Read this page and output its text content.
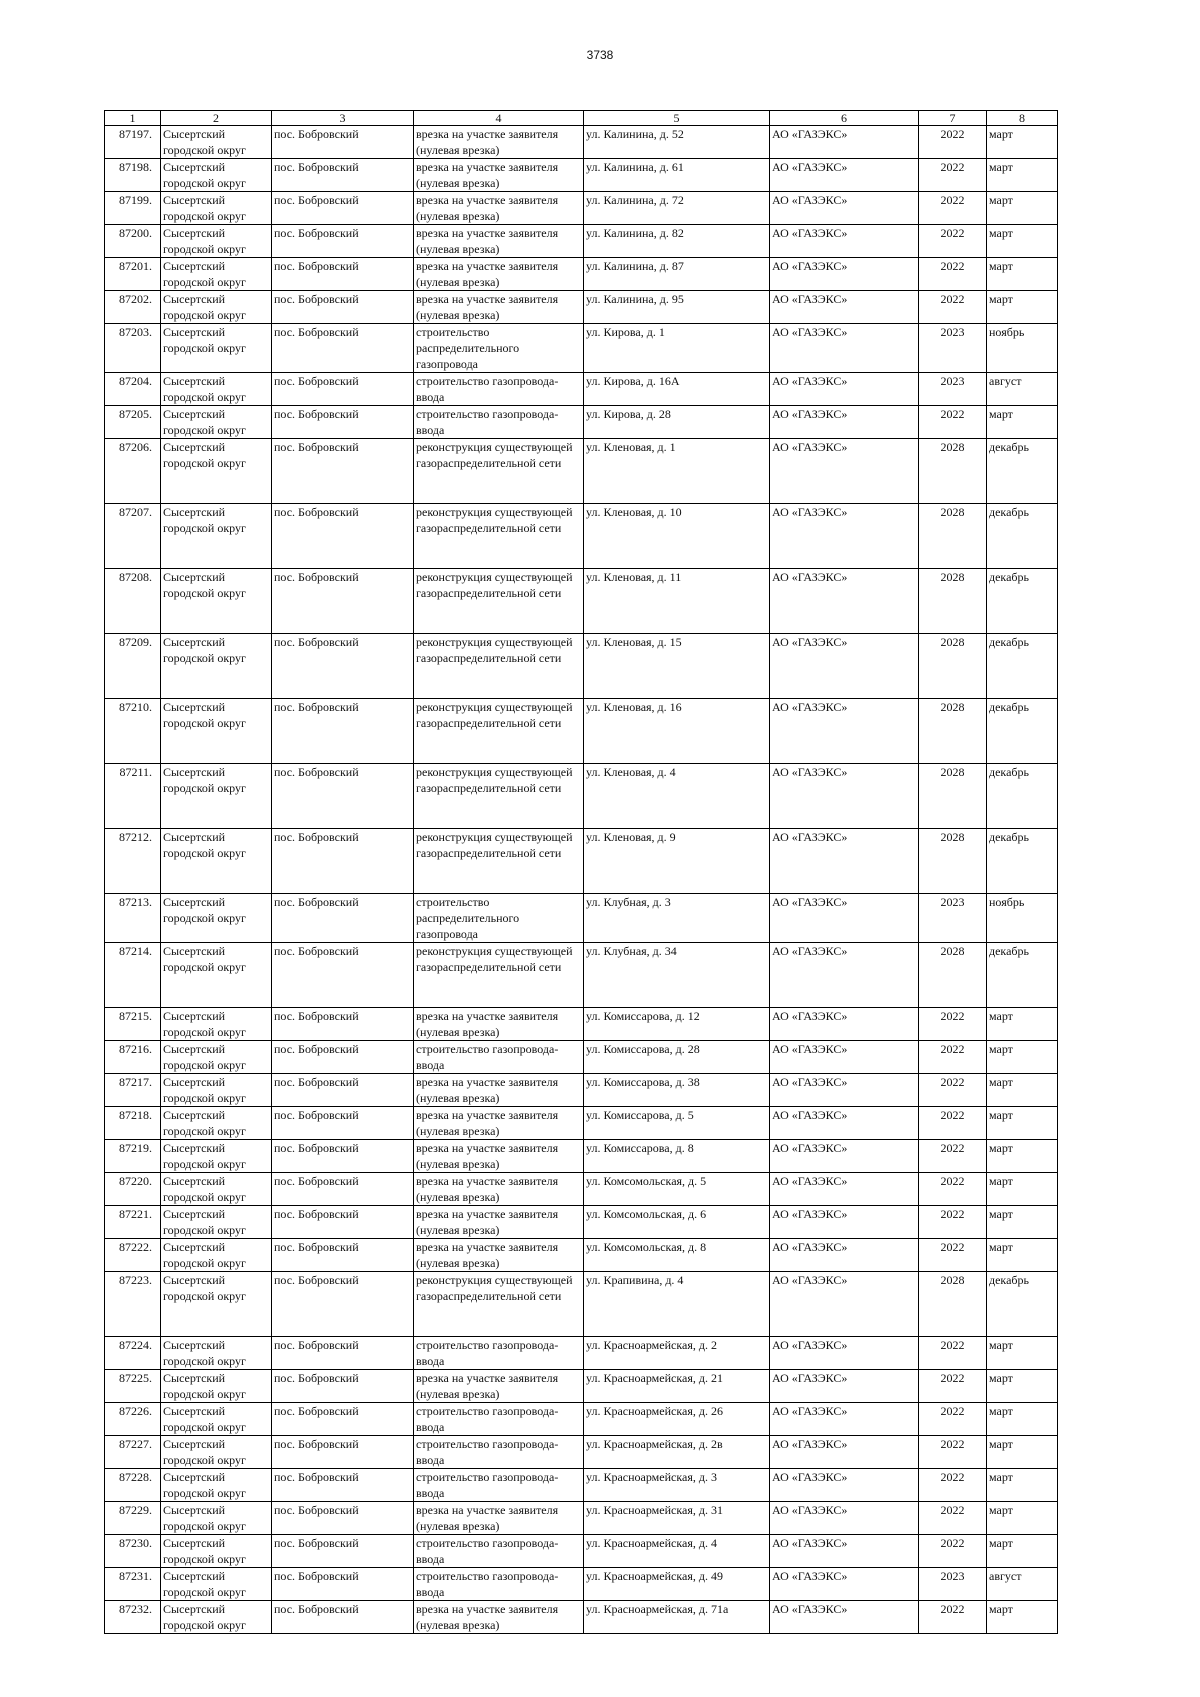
3738
1	2	3	4	5	6	7	8
87197.	Сысертский городской округ	пос. Бобровский	врезка на участке заявителя (нулевая врезка)	ул. Калинина, д. 52	АО «ГАЗЭКС»	2022	март
87198.	Сысертский городской округ	пос. Бобровский	врезка на участке заявителя (нулевая врезка)	ул. Калинина, д. 61	АО «ГАЗЭКС»	2022	март
87199.	Сысертский городской округ	пос. Бобровский	врезка на участке заявителя (нулевая врезка)	ул. Калинина, д. 72	АО «ГАЗЭКС»	2022	март
87200.	Сысертский городской округ	пос. Бобровский	врезка на участке заявителя (нулевая врезка)	ул. Калинина, д. 82	АО «ГАЗЭКС»	2022	март
87201.	Сысертский городской округ	пос. Бобровский	врезка на участке заявителя (нулевая врезка)	ул. Калинина, д. 87	АО «ГАЗЭКС»	2022	март
87202.	Сысертский городской округ	пос. Бобровский	врезка на участке заявителя (нулевая врезка)	ул. Калинина, д. 95	АО «ГАЗЭКС»	2022	март
87203.	Сысертский городской округ	пос. Бобровский	строительство распределительного газопровода	ул. Кирова, д. 1	АО «ГАЗЭКС»	2023	ноябрь
87204.	Сысертский городской округ	пос. Бобровский	строительство газопровода-ввода	ул. Кирова, д. 16А	АО «ГАЗЭКС»	2023	август
87205.	Сысертский городской округ	пос. Бобровский	строительство газопровода-ввода	ул. Кирова, д. 28	АО «ГАЗЭКС»	2022	март
87206.	Сысертский городской округ	пос. Бобровский	реконструкция существующей газораспределительной сети	ул. Кленовая, д. 1	АО «ГАЗЭКС»	2028	декабрь
87207.	Сысертский городской округ	пос. Бобровский	реконструкция существующей газораспределительной сети	ул. Кленовая, д. 10	АО «ГАЗЭКС»	2028	декабрь
87208.	Сысертский городской округ	пос. Бобровский	реконструкция существующей газораспределительной сети	ул. Кленовая, д. 11	АО «ГАЗЭКС»	2028	декабрь
87209.	Сысертский городской округ	пос. Бобровский	реконструкция существующей газораспределительной сети	ул. Кленовая, д. 15	АО «ГАЗЭКС»	2028	декабрь
87210.	Сысертский городской округ	пос. Бобровский	реконструкция существующей газораспределительной сети	ул. Кленовая, д. 16	АО «ГАЗЭКС»	2028	декабрь
87211.	Сысертский городской округ	пос. Бобровский	реконструкция существующей газораспределительной сети	ул. Кленовая, д. 4	АО «ГАЗЭКС»	2028	декабрь
87212.	Сысертский городской округ	пос. Бобровский	реконструкция существующей газораспределительной сети	ул. Кленовая, д. 9	АО «ГАЗЭКС»	2028	декабрь
87213.	Сысертский городской округ	пос. Бобровский	строительство распределительного газопровода	ул. Клубная, д. 3	АО «ГАЗЭКС»	2023	ноябрь
87214.	Сысертский городской округ	пос. Бобровский	реконструкция существующей газораспределительной сети	ул. Клубная, д. 34	АО «ГАЗЭКС»	2028	декабрь
87215.	Сысертский городской округ	пос. Бобровский	врезка на участке заявителя (нулевая врезка)	ул. Комиссарова, д. 12	АО «ГАЗЭКС»	2022	март
87216.	Сысертский городской округ	пос. Бобровский	строительство газопровода-ввода	ул. Комиссарова, д. 28	АО «ГАЗЭКС»	2022	март
87217.	Сысертский городской округ	пос. Бобровский	врезка на участке заявителя (нулевая врезка)	ул. Комиссарова, д. 38	АО «ГАЗЭКС»	2022	март
87218.	Сысертский городской округ	пос. Бобровский	врезка на участке заявителя (нулевая врезка)	ул. Комиссарова, д. 5	АО «ГАЗЭКС»	2022	март
87219.	Сысертский городской округ	пос. Бобровский	врезка на участке заявителя (нулевая врезка)	ул. Комиссарова, д. 8	АО «ГАЗЭКС»	2022	март
87220.	Сысертский городской округ	пос. Бобровский	врезка на участке заявителя (нулевая врезка)	ул. Комсомольская, д. 5	АО «ГАЗЭКС»	2022	март
87221.	Сысертский городской округ	пос. Бобровский	врезка на участке заявителя (нулевая врезка)	ул. Комсомольская, д. 6	АО «ГАЗЭКС»	2022	март
87222.	Сысертский городской округ	пос. Бобровский	врезка на участке заявителя (нулевая врезка)	ул. Комсомольская, д. 8	АО «ГАЗЭКС»	2022	март
87223.	Сысертский городской округ	пос. Бобровский	реконструкция существующей газораспределительной сети	ул. Крапивина, д. 4	АО «ГАЗЭКС»	2028	декабрь
87224.	Сысертский городской округ	пос. Бобровский	строительство газопровода-ввода	ул. Красноармейская, д. 2	АО «ГАЗЭКС»	2022	март
87225.	Сысертский городской округ	пос. Бобровский	врезка на участке заявителя (нулевая врезка)	ул. Красноармейская, д. 21	АО «ГАЗЭКС»	2022	март
87226.	Сысертский городской округ	пос. Бобровский	строительство газопровода-ввода	ул. Красноармейская, д. 26	АО «ГАЗЭКС»	2022	март
87227.	Сысертский городской округ	пос. Бобровский	строительство газопровода-ввода	ул. Красноармейская, д. 2в	АО «ГАЗЭКС»	2022	март
87228.	Сысертский городской округ	пос. Бобровский	строительство газопровода-ввода	ул. Красноармейская, д. 3	АО «ГАЗЭКС»	2022	март
87229.	Сысертский городской округ	пос. Бобровский	врезка на участке заявителя (нулевая врезка)	ул. Красноармейская, д. 31	АО «ГАЗЭКС»	2022	март
87230.	Сысертский городской округ	пос. Бобровский	строительство газопровода-ввода	ул. Красноармейская, д. 4	АО «ГАЗЭКС»	2022	март
87231.	Сысертский городской округ	пос. Бобровский	строительство газопровода-ввода	ул. Красноармейская, д. 49	АО «ГАЗЭКС»	2023	август
87232.	Сысертский городской округ	пос. Бобровский	врезка на участке заявителя (нулевая врезка)	ул. Красноармейская, д. 71а	АО «ГАЗЭКС»	2022	март
